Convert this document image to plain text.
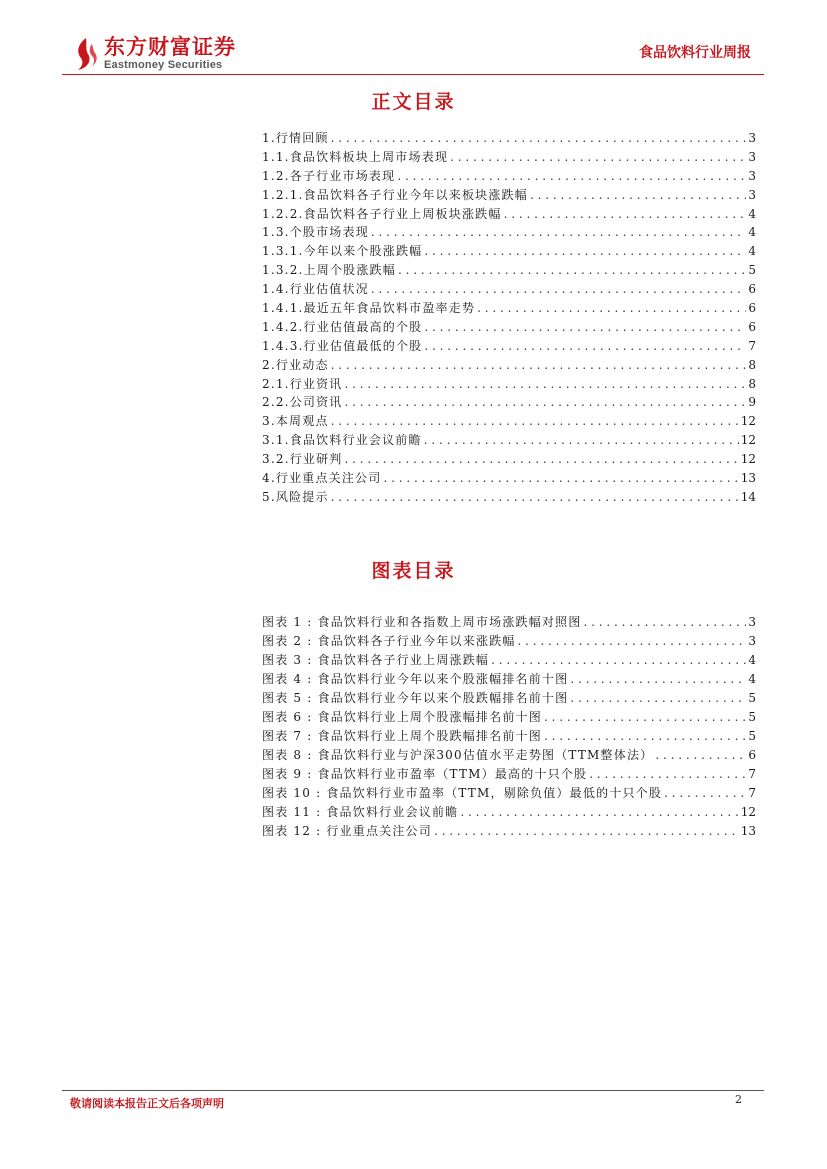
东方财富证券
Eastmoney Securities
食品饮料行业周报
正文目录
1.行情回顾 . . .	3
1.1.食品饮料板块上周市场表现 . . .	3
1.2.各子行业市场表现 . . .	3
1.2.1.食品饮料各子行业今年以来板块涨跌幅 . . .	3
1.2.2.食品饮料各子行业上周板块涨跌幅 . . .	4
1.3.个股市场表现 . . .	4
1.3.1.今年以来个股涨跌幅 . . .	4
1.3.2.上周个股涨跌幅 . . .	5
1.4.行业估值状况 . . .	6
1.4.1.最近五年食品饮料市盈率走势 . . .	6
1.4.2.行业估值最高的个股 . . .	6
1.4.3.行业估值最低的个股 . . .	7
2.行业动态 . . .	8
2.1.行业资讯 . . .	8
2.2.公司资讯 . . .	9
3.本周观点 . . .	12
3.1.食品饮料行业会议前瞻 . . .	12
3.2.行业研判 . . .	12
4.行业重点关注公司 . . .	13
5.风险提示 . . .	14
图表目录
图表 1 : 食品饮料行业和各指数上周市场涨跌幅对照图 . . .	3
图表 2 : 食品饮料各子行业今年以来涨跌幅 . . .	3
图表 3 : 食品饮料各子行业上周涨跌幅 . . .	4
图表 4 : 食品饮料行业今年以来个股涨幅排名前十图 . . .	4
图表 5 : 食品饮料行业今年以来个股跌幅排名前十图 . . .	5
图表 6 : 食品饮料行业上周个股涨幅排名前十图 . . .	5
图表 7 : 食品饮料行业上周个股跌幅排名前十图 . . .	5
图表 8 : 食品饮料行业与沪深300估值水平走势图（TTM整体法） . . .	6
图表 9 : 食品饮料行业市盈率（TTM）最高的十只个股 . . .	7
图表 10 : 食品饮料行业市盈率（TTM，剔除负值）最低的十只个股 . . .	7
图表 11 : 食品饮料行业会议前瞻 . . .	12
图表 12 : 行业重点关注公司 . . .	13
敬请阅读本报告正文后各项声明	2
